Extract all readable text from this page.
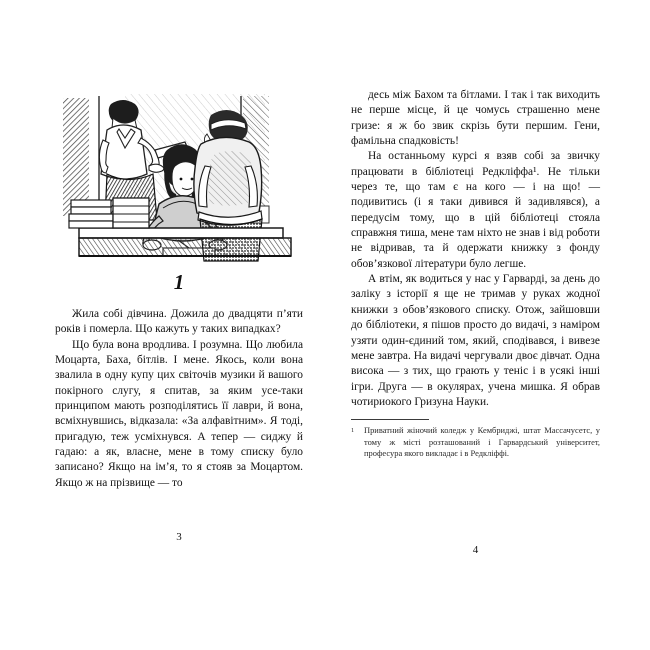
1

Жила собі дівчина. Дожила до двадцяти п’яти років і померла. Що кажуть у таких випадках?

Що була вона вродлива. І розумна. Що любила Моцарта, Баха, бітлів. І мене. Якось, коли вона звалила в одну купу цих світочів музики й вашого покірного слугу, я спитав, за яким усе-таки принципом мають розподілятись її лаври, й вона, всміхнувшись, відказала: «За алфавітним». Я тоді, пригадую, теж усміхнувся. А тепер — сиджу й гадаю: а як, власне, мене в тому списку було записано? Якщо на ім’я, то я стояв за Моцартом. Якщо ж на прізвище — то

3

десь між Бахом та бітлами. І так і так виходить не перше місце, й це чомусь страшенно мене гризе: я ж бо звик скрізь бути першим. Гени, фамільна спадковість!

На останньому курсі я взяв собі за звичку працювати в бібліотеці Редкліффа¹. Не тільки через те, що там є на кого — і на що! — подивитись (і я таки дивився й задивлявся), а передусім тому, що в цій бібліотеці стояла справжня тиша, мене там ніхто не знав і від роботи не відривав, та й одержати книжку з фонду обов’язкової літератури було легше.

А втім, як водиться у нас у Гарварді, за день до заліку з історії я ще не тримав у руках жодної книжки з обов’язкового списку. Отож, зайшовши до бібліотеки, я пішов просто до видачі, з наміром узяти один-єдиний том, який, сподівався, і вивезе мене завтра. На видачі чергували двоє дівчат. Одна висока — з тих, що грають у теніс і в усякі інші ігри. Друга — в окулярах, учена мишка. Я обрав чотириокого Гризуна Науки.

1	Приватний жіночий коледж у Кембриджі, штат Массачусетс, у тому ж місті розташований і Гарвардський університет, професура якого викладає і в Редкліффі.
4
